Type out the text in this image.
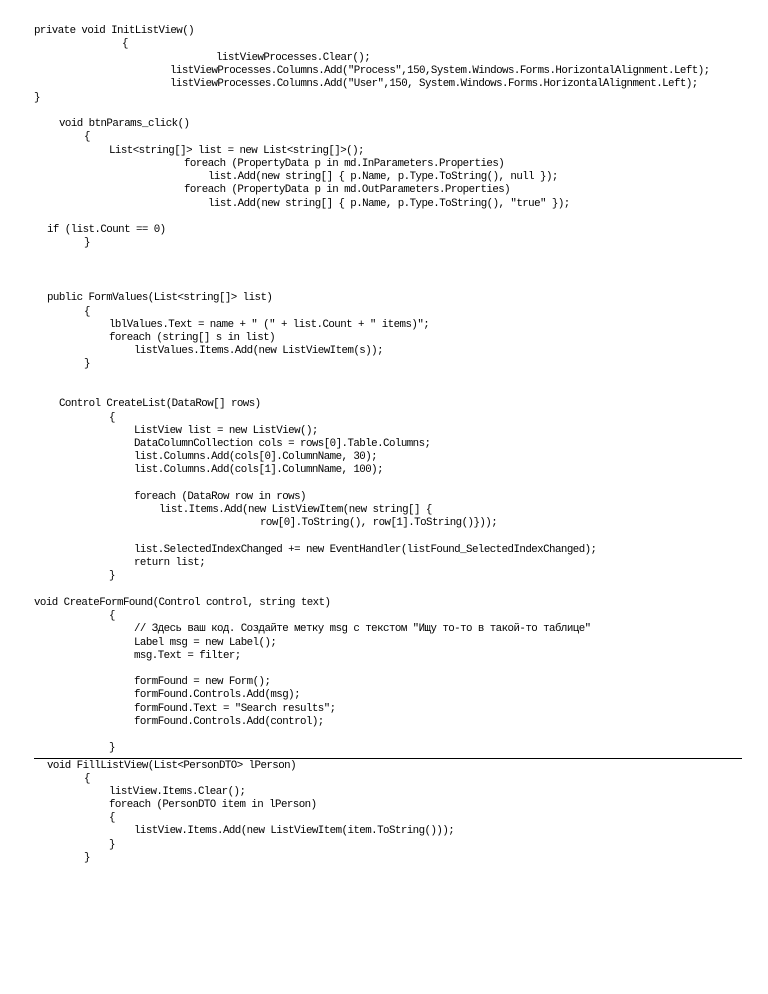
private void InitListView()

{

listViewProcesses.Clear();

listViewProcesses.Columns.Add("Process",150,System.Windows.Forms.HorizontalAlignment.Left);

listViewProcesses.Columns.Add("User",150, System.Windows.Forms.HorizontalAlignment.Left);

}

void btnParams_click()

{

List<string[]> list = new List<string[]>();

foreach (PropertyData p in md.InParameters.Properties)

list.Add(new string[] { p.Name, p.Type.ToString(), null });

foreach (PropertyData p in md.OutParameters.Properties)

list.Add(new string[] { p.Name, p.Type.ToString(), "true" });

if (list.Count == 0)

}

public FormValues(List<string[]> list)

{

lblValues.Text = name + " (" + list.Count + " items)";

foreach (string[] s in list)

listValues.Items.Add(new ListViewItem(s));

}

Control CreateList(DataRow[] rows)

{

ListView list = new ListView();

DataColumnCollection cols = rows[0].Table.Columns;

list.Columns.Add(cols[0].ColumnName, 30);

list.Columns.Add(cols[1].ColumnName, 100);

foreach (DataRow row in rows)

list.Items.Add(new ListViewItem(new string[] {

row[0].ToString(), row[1].ToString()}));

list.SelectedIndexChanged += new EventHandler(listFound_SelectedIndexChanged);

return list;

}

void CreateFormFound(Control control, string text)

{

// Здесь ваш код. Создайте метку msg с текстом "Ищу то-то в такой-то таблице"

Label msg = new Label();

msg.Text = filter;

formFound = new Form();

formFound.Controls.Add(msg);

formFound.Text = "Search results";

formFound.Controls.Add(control);

}

void FillListView(List<PersonDTO> lPerson)

{

listView.Items.Clear();

foreach (PersonDTO item in lPerson)

{

listView.Items.Add(new ListViewItem(item.ToString()));

}

}
